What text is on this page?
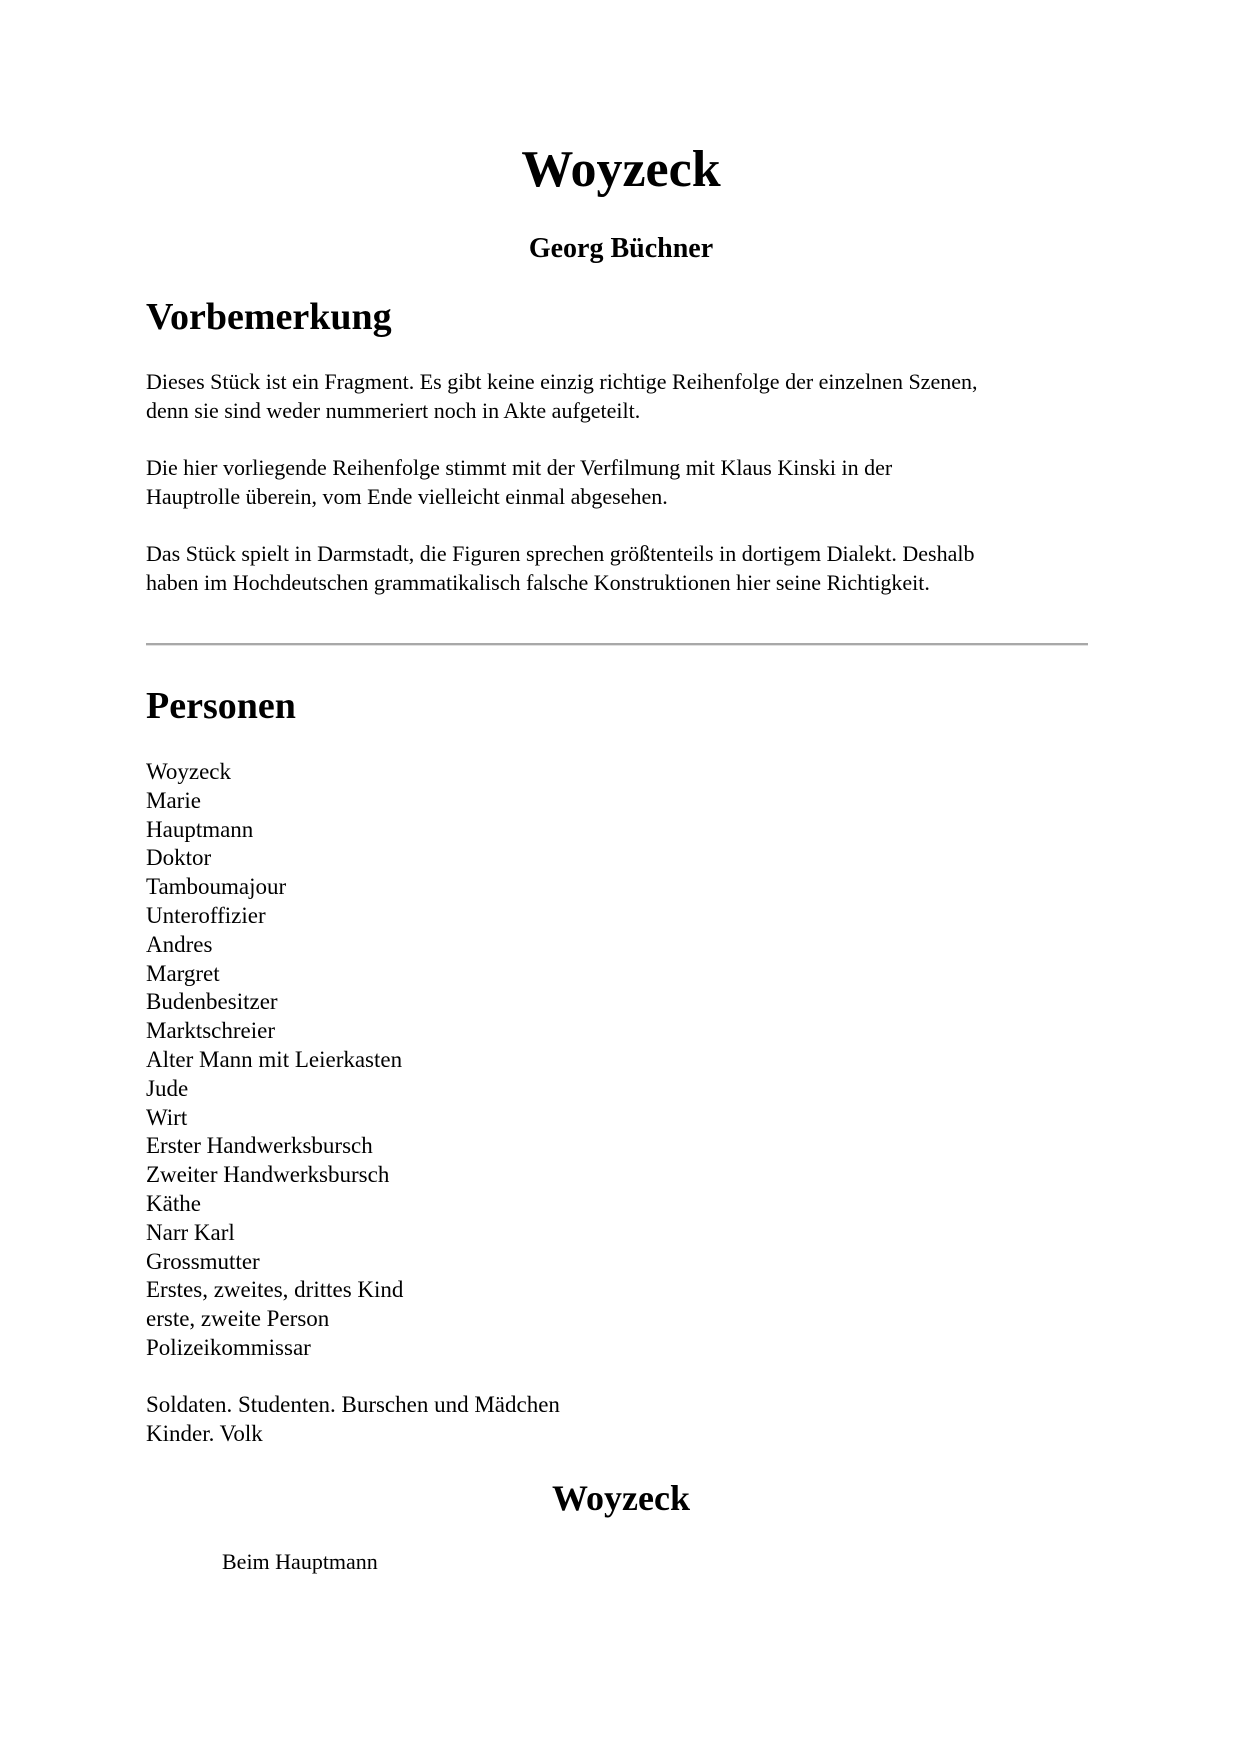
Woyzeck
Georg Büchner
Vorbemerkung

Dieses Stück ist ein Fragment. Es gibt keine einzig richtige Reihenfolge der einzelnen Szenen,
denn sie sind weder nummeriert noch in Akte aufgeteilt.

Die hier vorliegende Reihenfolge stimmt mit der Verfilmung mit Klaus Kinski in der
Hauptrolle überein, vom Ende vielleicht einmal abgesehen.

Das Stück spielt in Darmstadt, die Figuren sprechen größtenteils in dortigem Dialekt. Deshalb
haben im Hochdeutschen grammatikalisch falsche Konstruktionen hier seine Richtigkeit.

Personen
Woyzeck
Marie
Hauptmann
Doktor
Tamboumajour
Unteroffizier
Andres
Margret
Budenbesitzer
Marktschreier
Alter Mann mit Leierkasten
Jude
Wirt
Erster Handwerksbursch
Zweiter Handwerksbursch
Käthe
Narr Karl
Grossmutter
Erstes, zweites, drittes Kind
erste, zweite Person
Polizeikommissar
Soldaten. Studenten. Burschen und Mädchen
Kinder. Volk
Woyzeck

Beim Hauptmann
